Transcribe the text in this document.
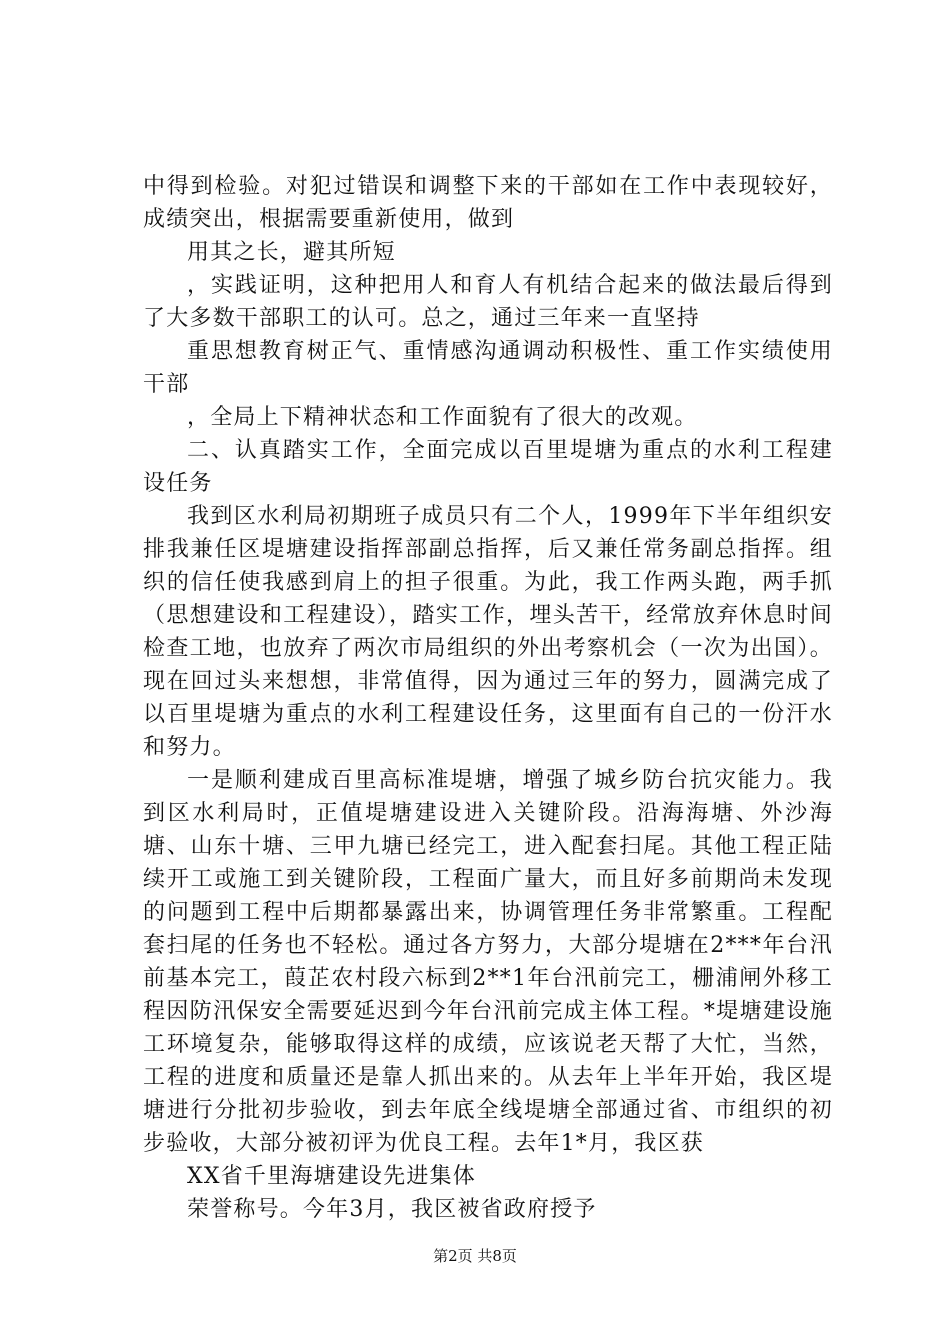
中得到检验。对犯过错误和调整下来的干部如在工作中表现较好，成绩突出，根据需要重新使用，做到

用其之长，避其所短

，实践证明，这种把用人和育人有机结合起来的做法最后得到了大多数干部职工的认可。总之，通过三年来一直坚持

重思想教育树正气、重情感沟通调动积极性、重工作实绩使用干部

，全局上下精神状态和工作面貌有了很大的改观。

二、认真踏实工作，全面完成以百里堤塘为重点的水利工程建设任务

我到区水利局初期班子成员只有二个人，1999年下半年组织安排我兼任区堤塘建设指挥部副总指挥，后又兼任常务副总指挥。组织的信任使我感到肩上的担子很重。为此，我工作两头跑，两手抓（思想建设和工程建设），踏实工作，埋头苦干，经常放弃休息时间检查工地，也放弃了两次市局组织的外出考察机会（一次为出国）。现在回过头来想想，非常值得，因为通过三年的努力，圆满完成了以百里堤塘为重点的水利工程建设任务，这里面有自己的一份汗水和努力。

一是顺利建成百里高标准堤塘，增强了城乡防台抗灾能力。我到区水利局时，正值堤塘建设进入关键阶段。沿海海塘、外沙海塘、山东十塘、三甲九塘已经完工，进入配套扫尾。其他工程正陆续开工或施工到关键阶段，工程面广量大，而且好多前期尚未发现的问题到工程中后期都暴露出来，协调管理任务非常繁重。工程配套扫尾的任务也不轻松。通过各方努力，大部分堤塘在2***年台汛前基本完工，葭芷农村段六标到2**1年台汛前完工，栅浦闸外移工程因防汛保安全需要延迟到今年台汛前完成主体工程。*堤塘建设施工环境复杂，能够取得这样的成绩，应该说老天帮了大忙，当然，工程的进度和质量还是靠人抓出来的。从去年上半年开始，我区堤塘进行分批初步验收，到去年底全线堤塘全部通过省、市组织的初步验收，大部分被初评为优良工程。去年1*月，我区获

XX省千里海塘建设先进集体

荣誉称号。今年3月，我区被省政府授予

第2页 共8页
